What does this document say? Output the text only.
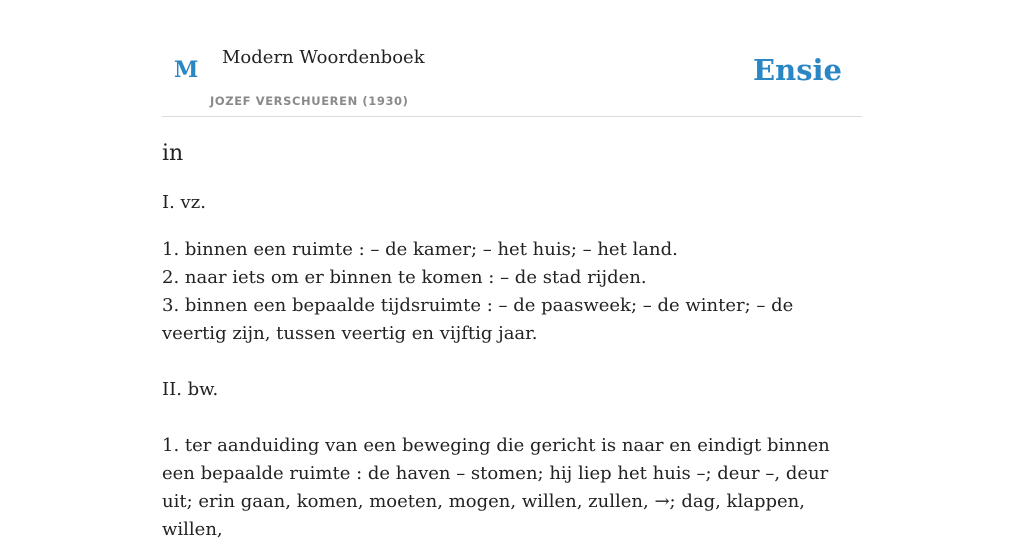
M Modern Woordenboek
JOZEF VERSCHUEREN (1930)
Ensie
in
I. vz.
1. binnen een ruimte : – de kamer; – het huis; – het land.
2. naar iets om er binnen te komen : – de stad rijden.
3. binnen een bepaalde tijdsruimte : – de paasweek; – de winter; – de veertig zijn, tussen veertig en vijftig jaar.
II. bw.
1. ter aanduiding van een beweging die gericht is naar en eindigt binnen een bepaalde ruimte : de haven – stomen; hij liep het huis –; deur –, deur uit; erin gaan, komen, moeten, mogen, willen, zullen, →; dag, klappen, willen,
